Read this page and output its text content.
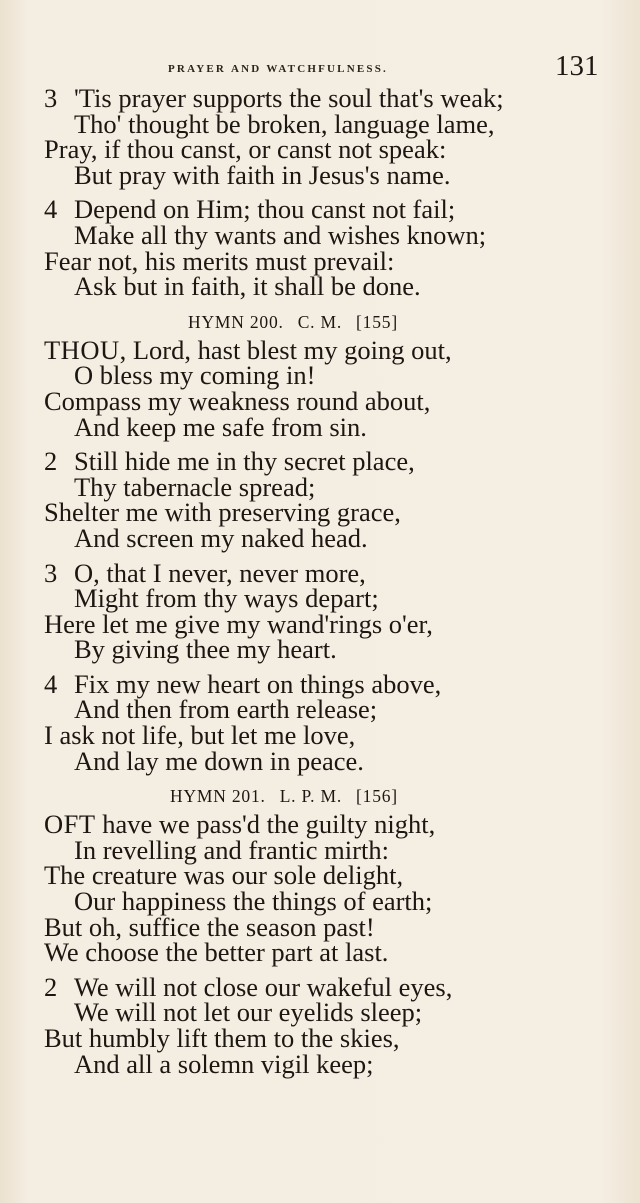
prayer and watchfulness.	131
3 'Tis prayer supports the soul that's weak;
Tho' thought be broken, language lame,
Pray, if thou canst, or canst not speak:
But pray with faith in Jesus's name.
4 Depend on Him; thou canst not fail;
Make all thy wants and wishes known;
Fear not, his merits must prevail:
Ask but in faith, it shall be done.
HYMN 200. C. M. [155]
THOU, Lord, hast blest my going out,
O bless my coming in!
Compass my weakness round about,
And keep me safe from sin.
2 Still hide me in thy secret place,
Thy tabernacle spread;
Shelter me with preserving grace,
And screen my naked head.
3 O, that I never, never more,
Might from thy ways depart;
Here let me give my wand'rings o'er,
By giving thee my heart.
4 Fix my new heart on things above,
And then from earth release;
I ask not life, but let me love,
And lay me down in peace.
HYMN 201. L. P. M. [156]
OFT have we pass'd the guilty night,
In revelling and frantic mirth:
The creature was our sole delight,
Our happiness the things of earth;
But oh, suffice the season past!
We choose the better part at last.
2 We will not close our wakeful eyes,
We will not let our eyelids sleep;
But humbly lift them to the skies,
And all a solemn vigil keep;
